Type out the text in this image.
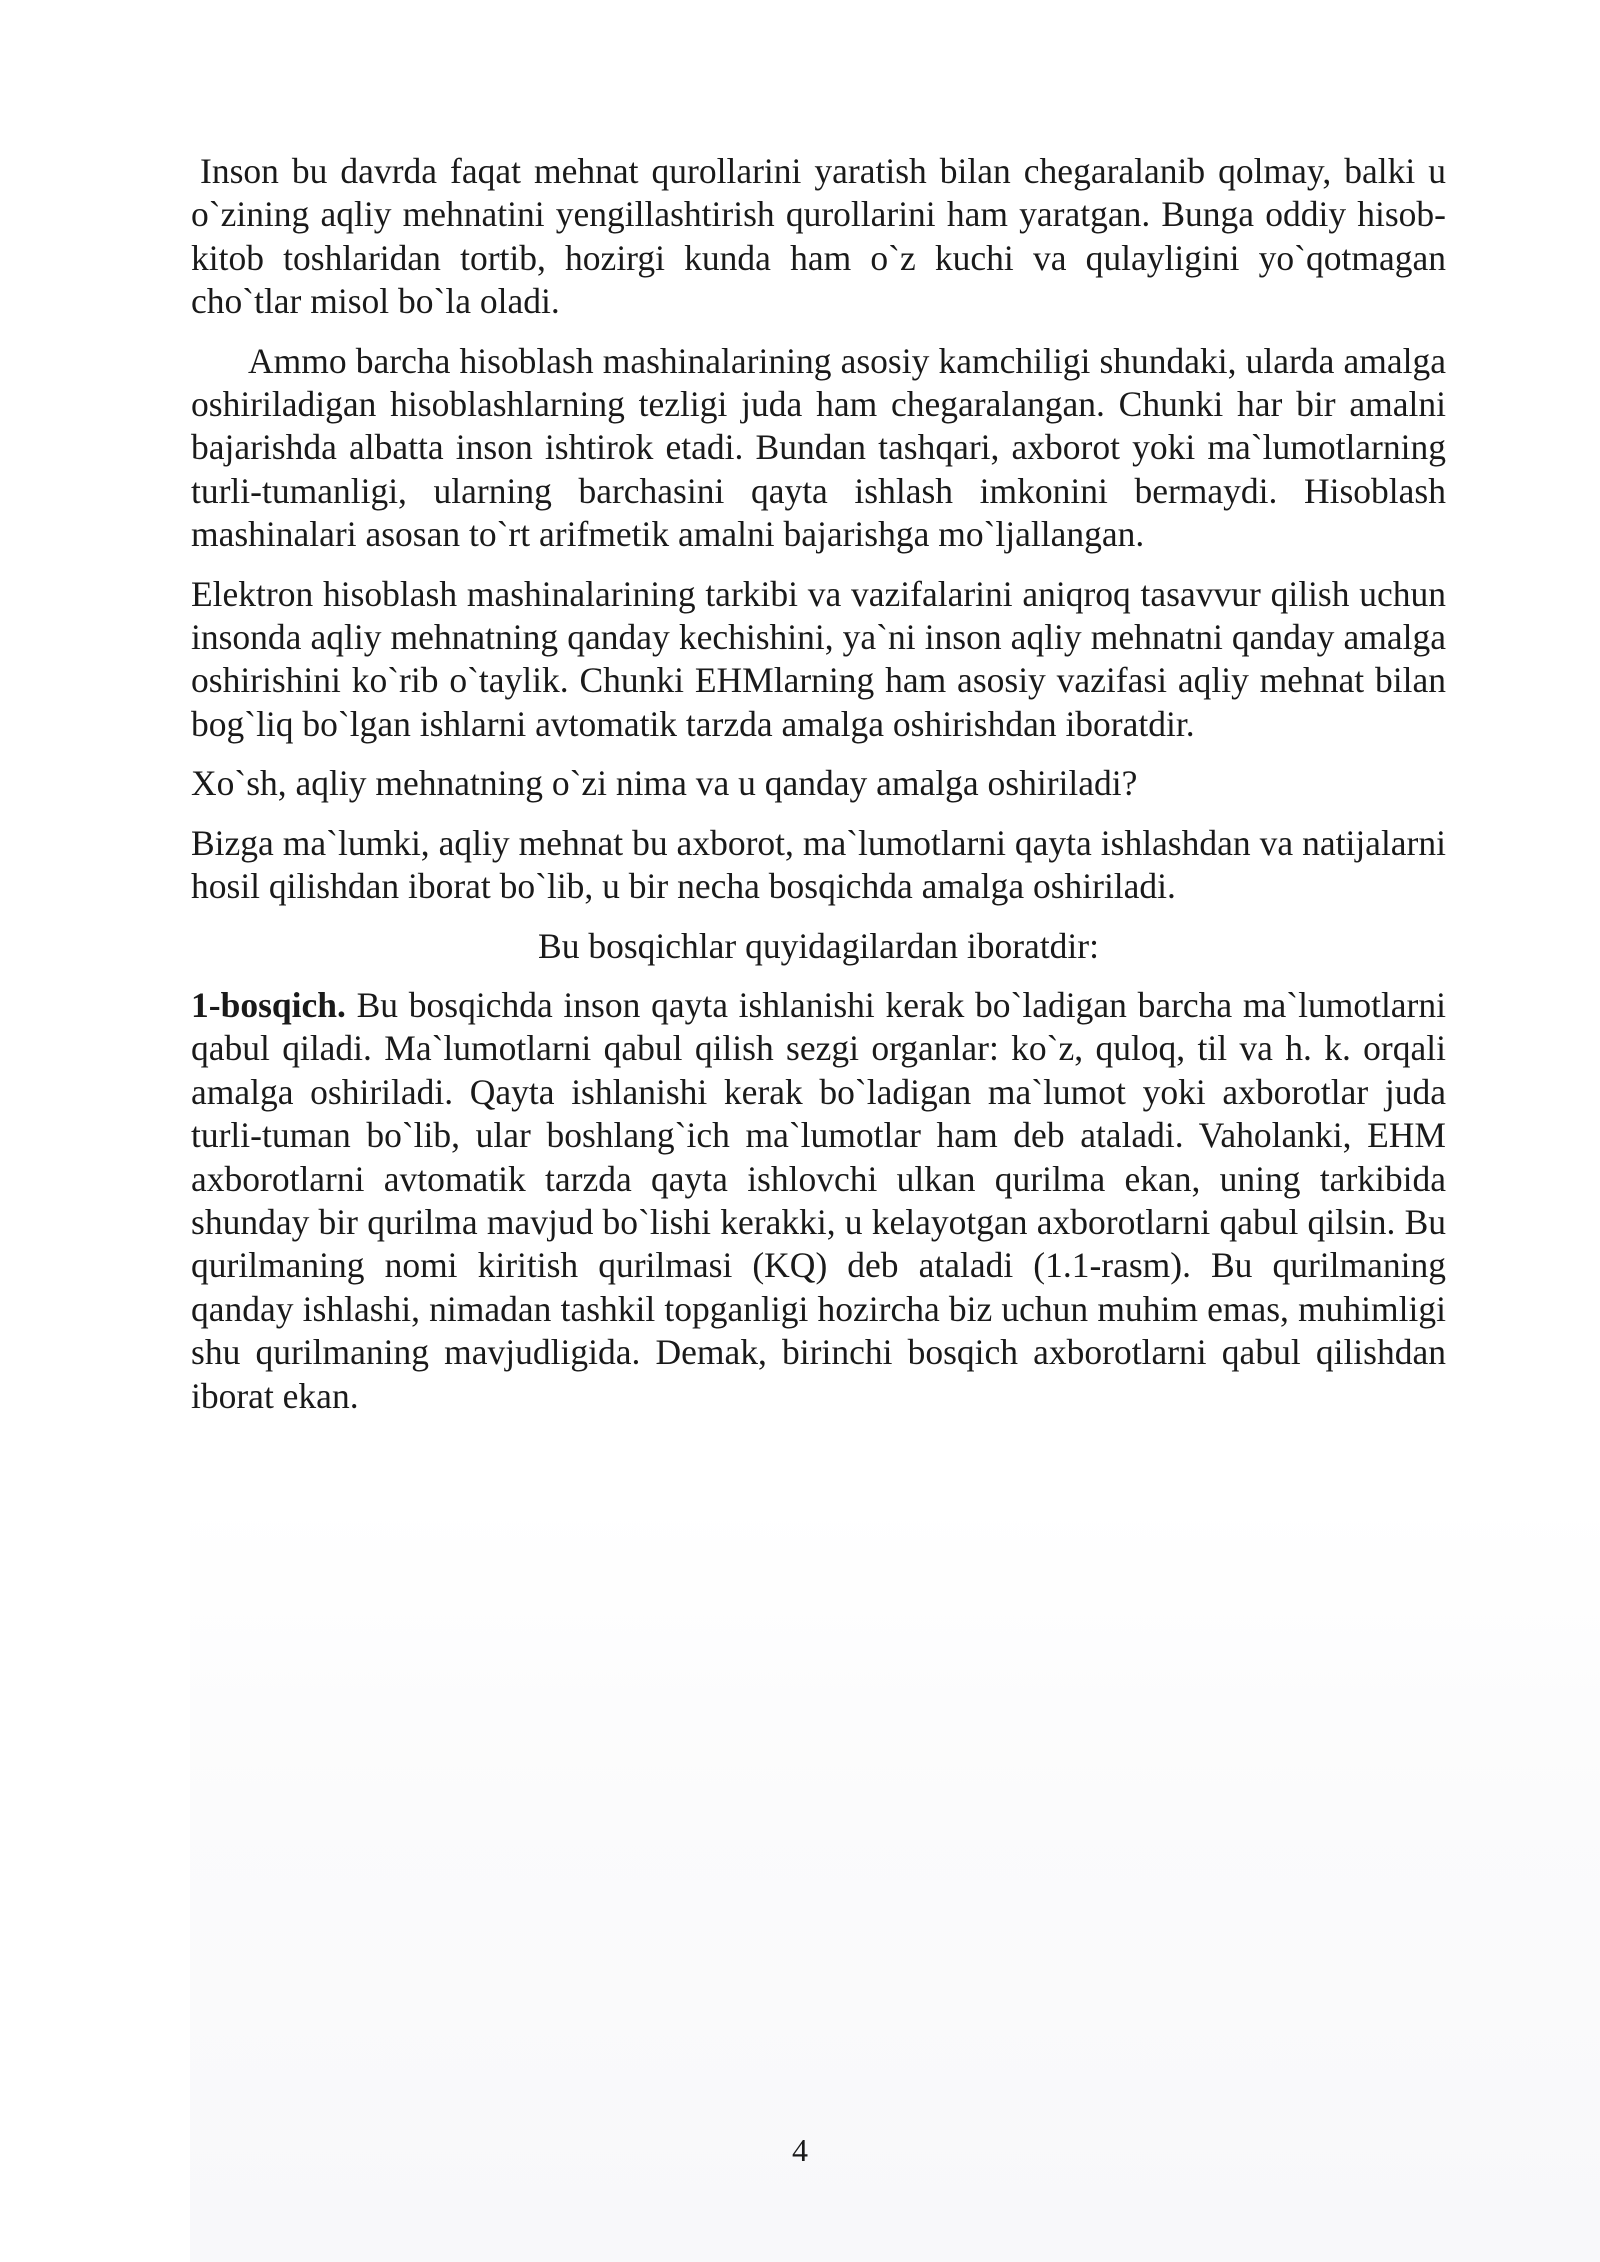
Inson bu davrda faqat mehnat qurollarini yaratish bilan chegaralanib qolmay, balki u o`zining aqliy mehnatini yengillashtirish qurollarini ham yaratgan. Bunga oddiy hisob-kitob toshlaridan tortib, hozirgi kunda ham o`z kuchi va qulayligini yo`qotmagan cho`tlar misol bo`la oladi.

Ammo barcha hisoblash mashinalarining asosiy kamchiligi shundaki, ularda amalga oshiriladigan hisoblashlarning tezligi juda ham chegaralangan. Chunki har bir amalni bajarishda albatta inson ishtirok etadi. Bundan tashqari, axborot yoki ma`lumotlarning turli-tumanligi, ularning barchasini qayta ishlash imkonini bermaydi. Hisoblash mashinalari asosan to`rt arifmetik amalni bajarishga mo`ljallangan.

Elektron hisoblash mashinalarining tarkibi va vazifalarini aniqroq tasavvur qilish uchun insonda aqliy mehnatning qanday kechishini, ya`ni inson aqliy mehnatni qanday amalga oshirishini ko`rib o`taylik. Chunki EHMlarning ham asosiy vazifasi aqliy mehnat bilan bog`liq bo`lgan ishlarni avtomatik tarzda amalga oshirishdan iboratdir.

Xo`sh, aqliy mehnatning o`zi nima va u qanday amalga oshiriladi?

Bizga ma`lumki, aqliy mehnat bu axborot, ma`lumotlarni qayta ishlashdan va natijalarni hosil qilishdan iborat bo`lib, u bir necha bosqichda amalga oshiriladi.

Bu bosqichlar quyidagilardan iboratdir:

1-bosqich. Bu bosqichda inson qayta ishlanishi kerak bo`ladigan barcha ma`lumotlarni qabul qiladi. Ma`lumotlarni qabul qilish sezgi organlar: ko`z, quloq, til va h. k. orqali amalga oshiriladi. Qayta ishlanishi kerak bo`ladigan ma`lumot yoki axborotlar juda turli-tuman bo`lib, ular boshlang`ich ma`lumotlar ham deb ataladi. Vaholanki, EHM axborotlarni avtomatik tarzda qayta ishlovchi ulkan qurilma ekan, uning tarkibida shunday bir qurilma mavjud bo`lishi kerakki, u kelayotgan axborotlarni qabul qilsin. Bu qurilmaning nomi kiritish qurilmasi (KQ) deb ataladi (1.1-rasm). Bu qurilmaning qanday ishlashi, nimadan tashkil topganligi hozircha biz uchun muhim emas, muhimligi shu qurilmaning mavjudligida. Demak, birinchi bosqich axborotlarni qabul qilishdan iborat ekan.

4
